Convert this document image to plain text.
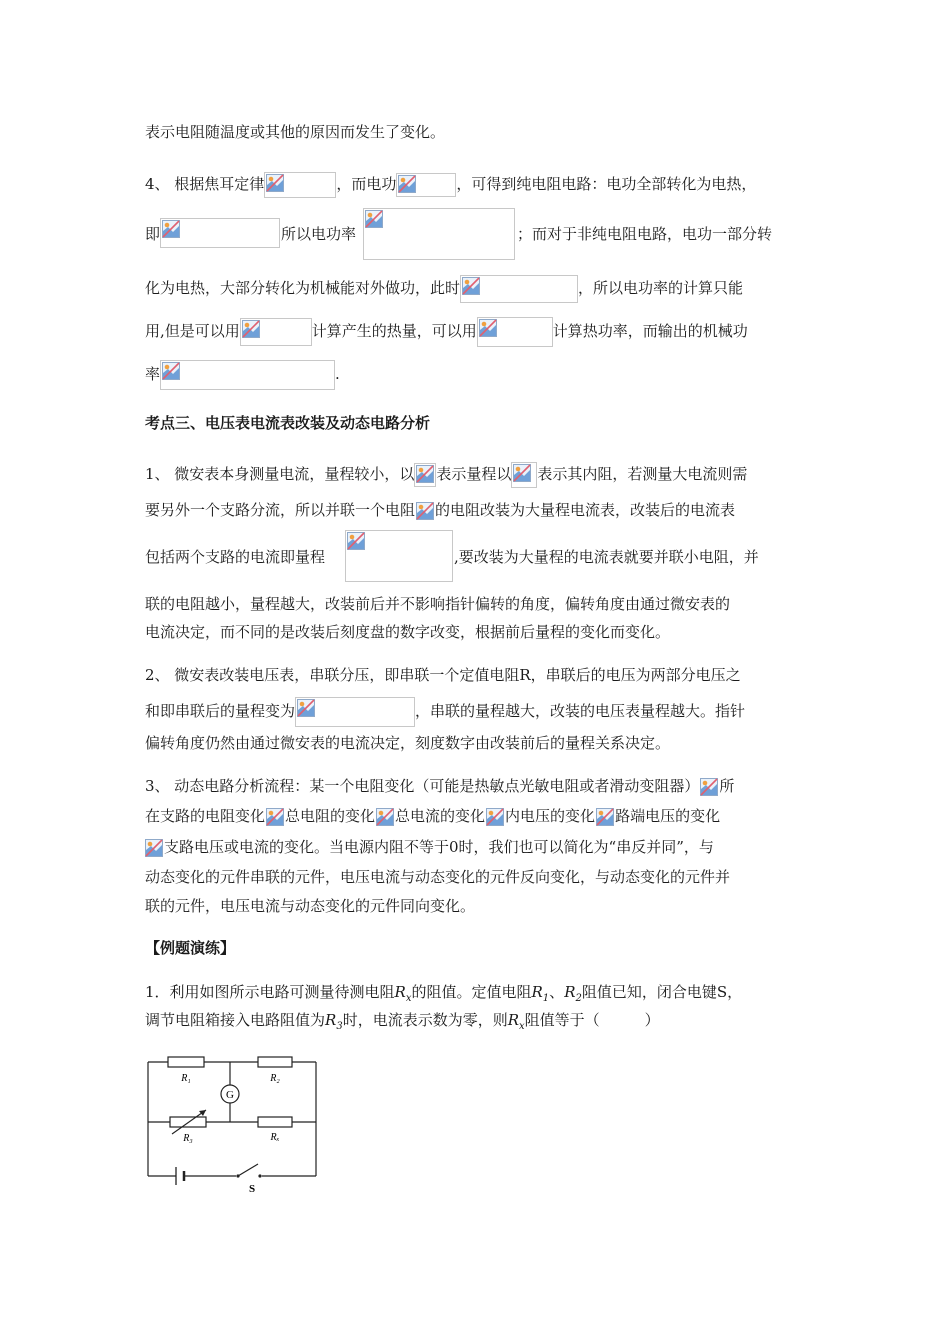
表示电阻随温度或其他的原因而发生了变化。
4、 根据焦耳定律	，而电功	，可得到纯电阻电路：电功全部转化为电热，
即	所以电功率	；而对于非纯电阻电路，电功一部分转
化为电热，大部分转化为机械能对外做功，此时	，所以电功率的计算只能
用,但是可以用	计算产生的热量，可以用	计算热功率，而输出的机械功
率	.
考点三、电压表电流表改装及动态电路分析
1、 微安表本身测量电流，量程较小，以 表示量程以 表示其内阻，若测量大电流则需
要另外一个支路分流，所以并联一个电阻 的电阻改装为大量程电流表，改装后的电流表
包括两个支路的电流即量程	,要改装为大量程的电流表就要并联小电阻，并
联的电阻越小，量程越大，改装前后并不影响指针偏转的角度，偏转角度由通过微安表的
电流决定，而不同的是改装后刻度盘的数字改变，根据前后量程的变化而变化。
2、 微安表改装电压表，串联分压，即串联一个定值电阻R，串联后的电压为两部分电压之
和即串联后的量程变为	，串联的量程越大，改装的电压表量程越大。指针
偏转角度仍然由通过微安表的电流决定，刻度数字由改装前后的量程关系决定。
3、 动态电路分析流程：某一个电阻变化（可能是热敏点光敏电阻或者滑动变阻器） 所
在支路的电阻变化 总电阻的变化 总电流的变化 内电压的变化 路端电压的变化
支路电压或电流的变化。当电源内阻不等于0时，我们也可以简化为“串反并同”，与
动态变化的元件串联的元件，电压电流与动态变化的元件反向变化，与动态变化的元件并
联的元件，电压电流与动态变化的元件同向变化。
【例题演练】
1．利用如图所示电路可测量待测电阻$R_x$的阻值。定值电阻$R_1$、$R_2$阻值已知，闭合电键S，
调节电阻箱接入电路阻值为$R_3$时，电流表示数为零，则$R_x$阻值等于（　　　）
G
R₁	R₂
R₃	Rₓ
S
